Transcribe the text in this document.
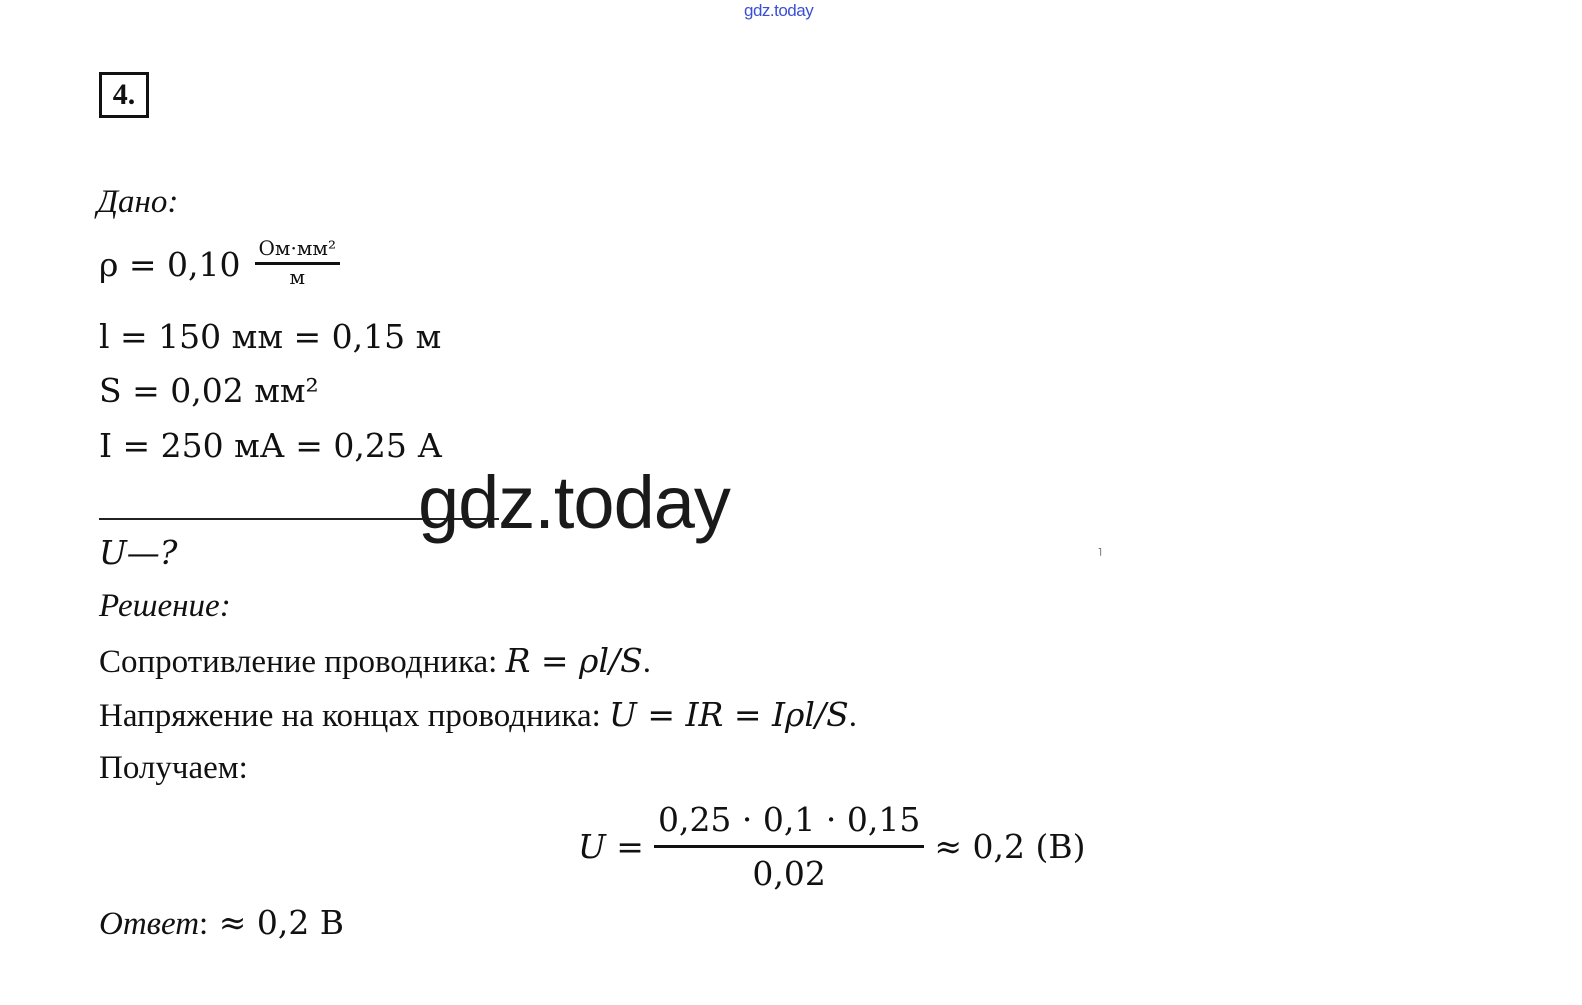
gdz.today
4.
Дано:
$\rho = 0,10 \frac{\text{Ом·мм²}}{м}$
l = 150 мм = 0,15 м
S = 0,02 мм²
I = 250 мА = 0,25 А
gdz.today
U—?
Решение:
Сопротивление проводника: R = ρl/S.
Напряжение на концах проводника: U = IR = Iρl/S.
Получаем:
$U = \frac{0,25 \cdot 0,1 \cdot 0,15}{0,02} \approx 0,2$ (В)
Ответ: ≈ 0,2 В
˥
